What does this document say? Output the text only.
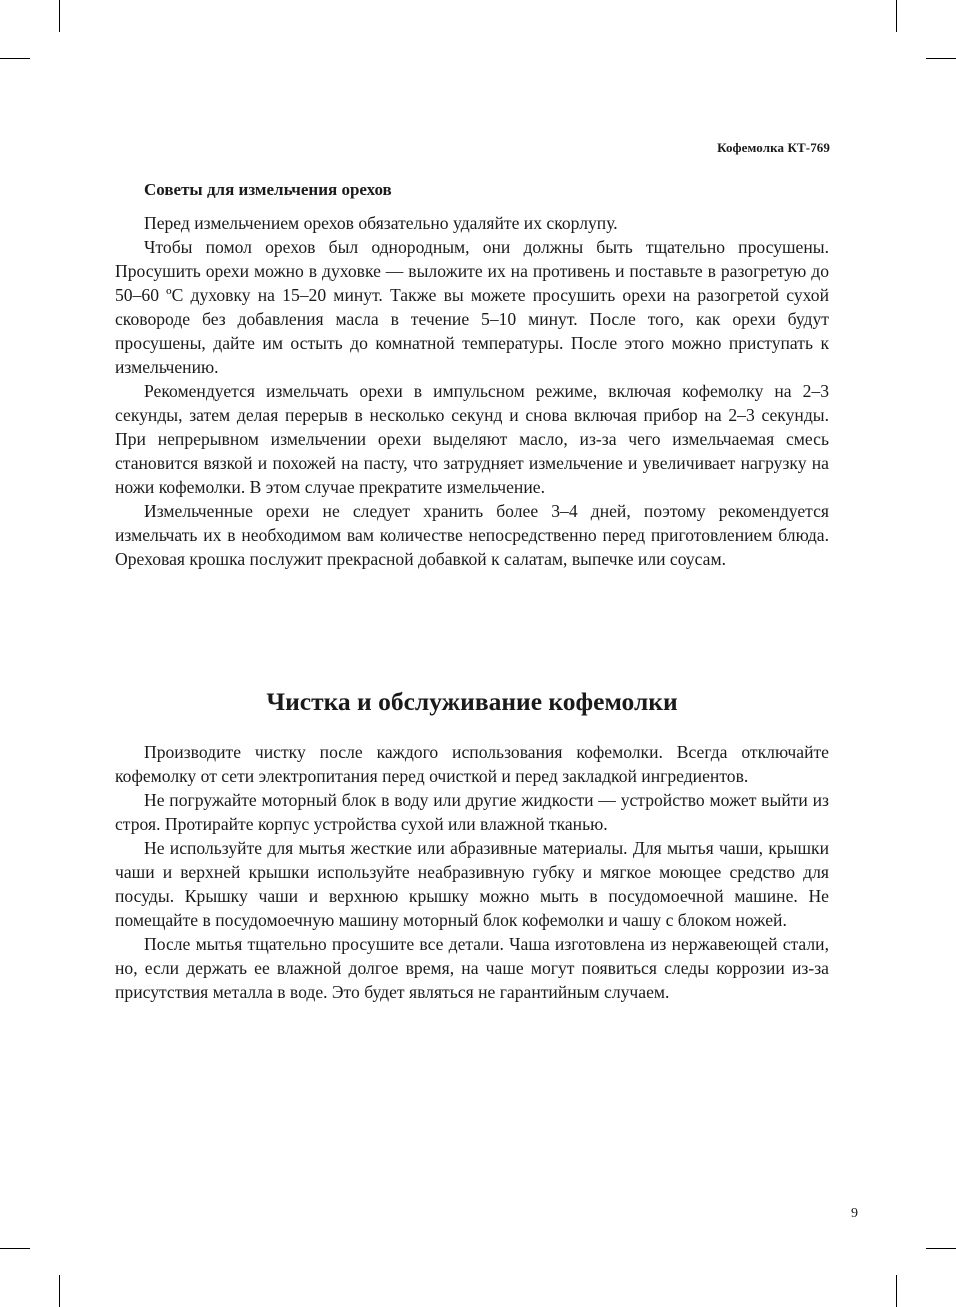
Кофемолка КТ-769
Советы для измельчения орехов

Перед измельчением орехов обязательно удаляйте их скорлупу.

Чтобы помол орехов был однородным, они должны быть тщательно просушены. Просушить орехи можно в духовке — выложите их на противень и поставьте в разогретую до 50–60 ºС духовку на 15–20 минут. Также вы можете просушить орехи на разогретой сухой сковороде без добавления масла в течение 5–10 минут. После того, как орехи будут просушены, дайте им остыть до комнатной температуры. После этого можно приступать к измельчению.

Рекомендуется измельчать орехи в импульсном режиме, включая кофемолку на 2–3 секунды, затем делая перерыв в несколько секунд и снова включая прибор на 2–3 секунды. При непрерывном измельчении орехи выделяют масло, из-за чего измельчаемая смесь становится вязкой и похожей на пасту, что затрудняет измельчение и увеличивает нагрузку на ножи кофемолки. В этом случае прекратите измельчение.

Измельченные орехи не следует хранить более 3–4 дней, поэтому рекомендуется измельчать их в необходимом вам количестве непосредственно перед приготовлением блюда. Ореховая крошка послужит прекрасной добавкой к салатам, выпечке или соусам.

Чистка и обслуживание кофемолки

Производите чистку после каждого использования кофемолки. Всегда отключайте кофемолку от сети электропитания перед очисткой и перед закладкой ингредиентов.

Не погружайте моторный блок в воду или другие жидкости — устройство может выйти из строя. Протирайте корпус устройства сухой или влажной тканью.

Не используйте для мытья жесткие или абразивные материалы. Для мытья чаши, крышки чаши и верхней крышки используйте неабразивную губку и мягкое моющее средство для посуды. Крышку чаши и верхнюю крышку можно мыть в посудомоечной машине. Не помещайте в посудомоечную машину моторный блок кофемолки и чашу с блоком ножей.

После мытья тщательно просушите все детали. Чаша изготовлена из нержавеющей стали, но, если держать ее влажной долгое время, на чаше могут появиться следы коррозии из-за присутствия металла в воде. Это будет являться не гарантийным случаем.

9
